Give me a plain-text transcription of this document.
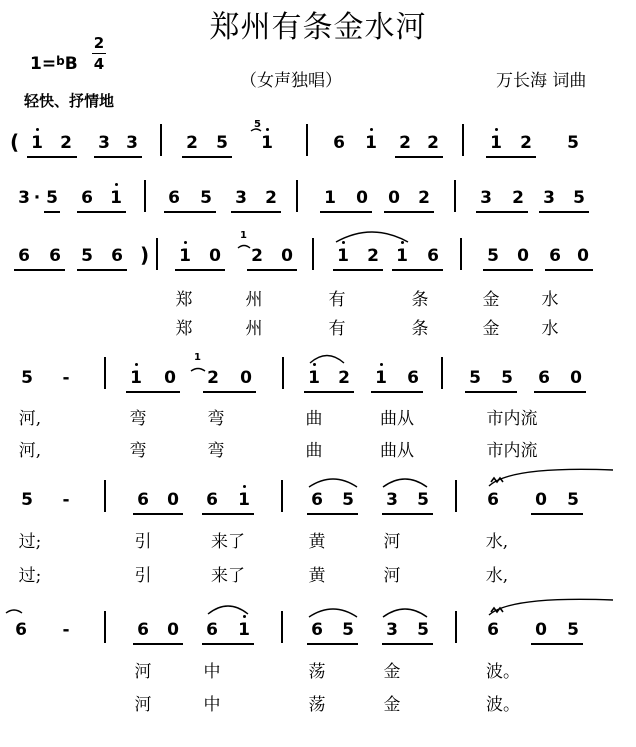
郑州有条金水河
1=$^b$B
2
4
轻快、抒情地
（女声独唱）	万长海 词曲
( 1 2 3 3	2 5
5
1	6 1 2 2	1 2 5
3 · 5 6 1	6 5 3 2	1 0 0 2	3 2 3 5
6 6 5 6 ) 1 0
1
2 0	1 2 1 6	5 0 6 0
郑	州	有	条	金 水
郑	州	有	条	金 水
5 -	1 0
1
2 0	1 2 1 6	5 5 6 0
河,	弯	弯	曲	曲从	市内流
河,	弯	弯	曲	曲从	市内流
5 -	6 0 6 1	6 5 3 5	6 0 5
过;	引	来了	黄	河	水,
过;	引	来了	黄	河	水,
6 -	6 0 6 1	6 5 3 5	6 0 5
河	中	荡	金	波。
河	中	荡	金	波。
